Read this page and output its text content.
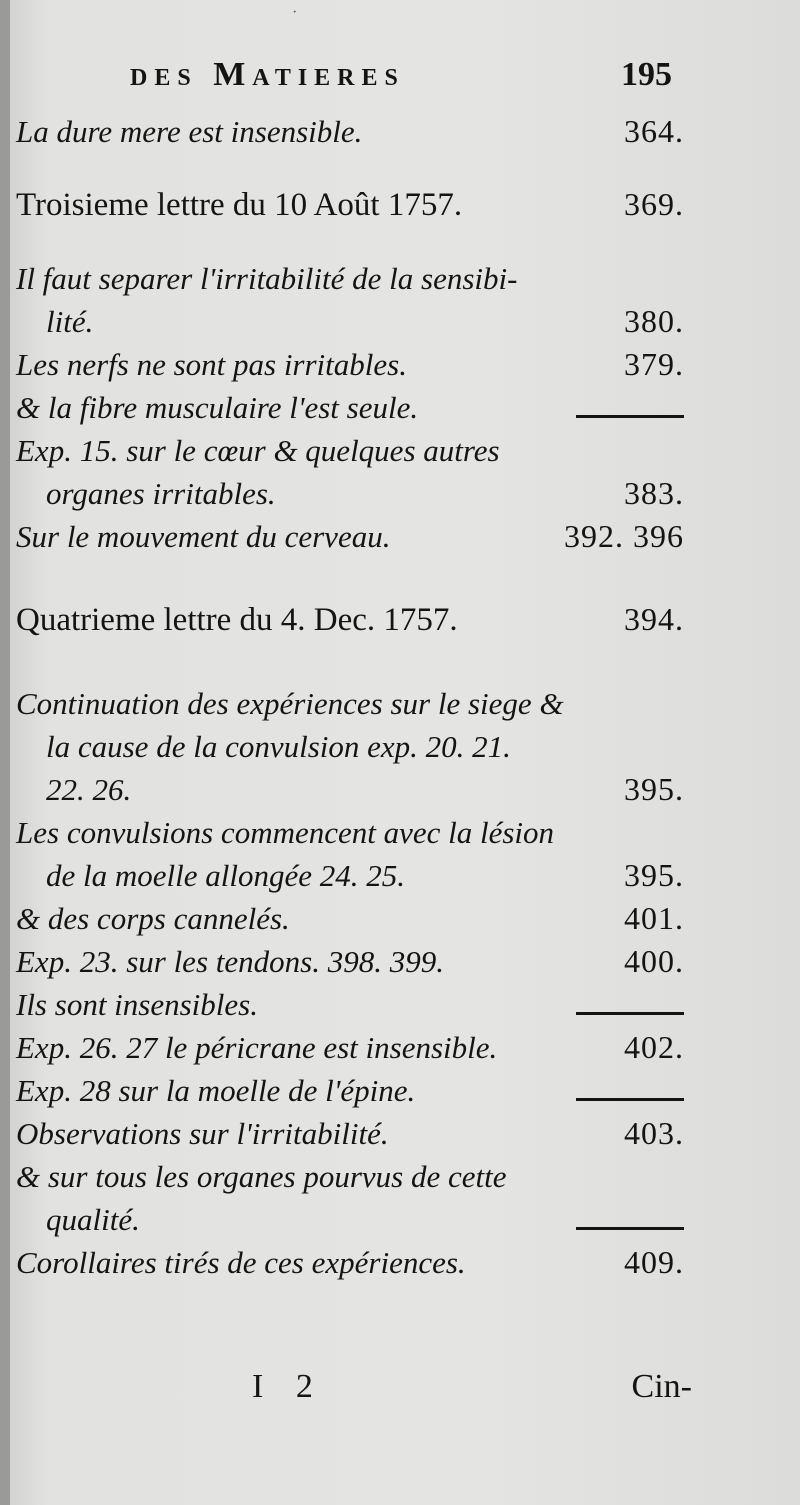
·
des Matieres	195
La dure mere est insensible.	364.
Troisieme lettre du 10 Août 1757.	369.
Il faut separer l'irritabilité de la sensibi-
lité.	380.
Les nerfs ne sont pas irritables.	379.
& la fibre musculaire l'est seule.
Exp. 15. sur le cœur & quelques autres
organes irritables.	383.
Sur le mouvement du cerveau.	392. 396
Quatrieme lettre du 4. Dec. 1757.	394.
Continuation des expériences sur le siege &
la cause de la convulsion exp. 20. 21.
22. 26.	395.
Les convulsions commencent avec la lésion
de la moelle allongée 24. 25.	395.
& des corps cannelés.	401.
Exp. 23. sur les tendons. 398. 399.	400.
Ils sont insensibles.
Exp. 26. 27 le péricrane est insensible.	402.
Exp. 28 sur la moelle de l'épine.
Observations sur l'irritabilité.	403.
& sur tous les organes pourvus de cette
qualité.
Corollaires tirés de ces expériences.	409.
I 2	Cin-
